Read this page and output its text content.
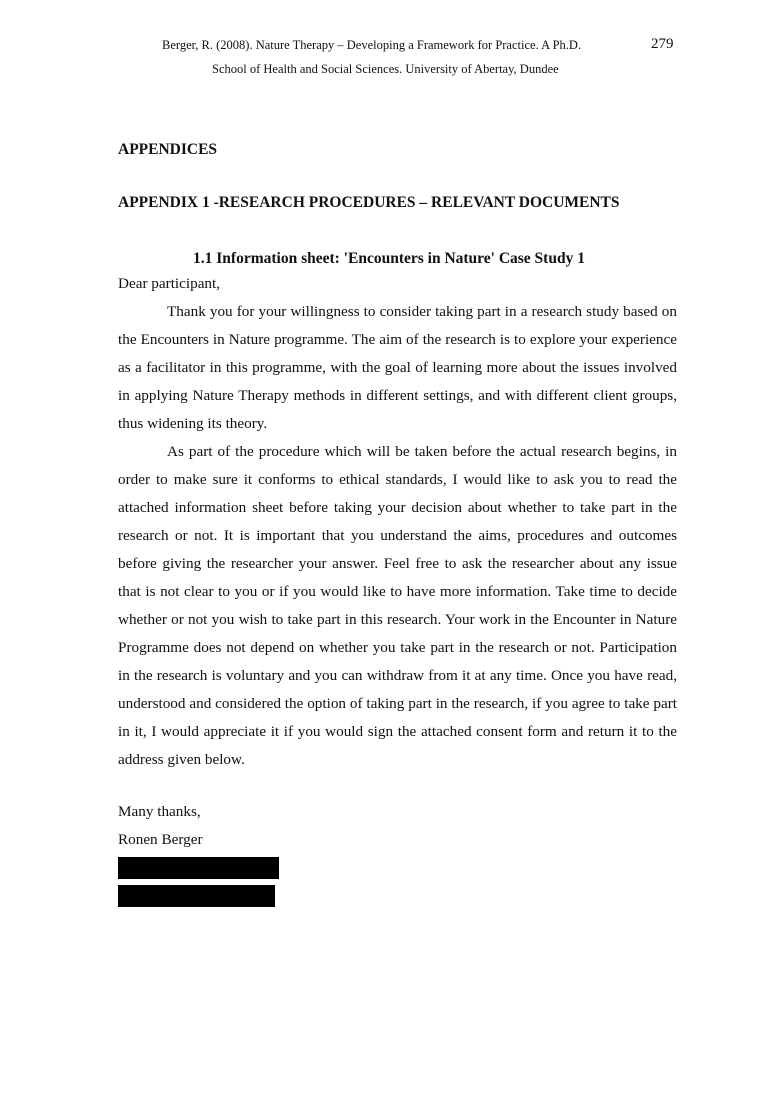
Berger, R. (2008). Nature Therapy – Developing a Framework for Practice. A Ph.D.
School of Health and Social Sciences. University of Abertay, Dundee
279
APPENDICES
APPENDIX 1 -RESEARCH PROCEDURES – RELEVANT DOCUMENTS
1.1 Information sheet: 'Encounters in Nature' Case Study 1
Dear participant,

Thank you for your willingness to consider taking part in a research study based on the Encounters in Nature programme. The aim of the research is to explore your experience as a facilitator in this programme, with the goal of learning more about the issues involved in applying Nature Therapy methods in different settings, and with different client groups, thus widening its theory.

As part of the procedure which will be taken before the actual research begins, in order to make sure it conforms to ethical standards, I would like to ask you to read the attached information sheet before taking your decision about whether to take part in the research or not. It is important that you understand the aims, procedures and outcomes before giving the researcher your answer. Feel free to ask the researcher about any issue that is not clear to you or if you would like to have more information. Take time to decide whether or not you wish to take part in this research. Your work in the Encounter in Nature Programme does not depend on whether you take part in the research or not. Participation in the research is voluntary and you can withdraw from it at any time. Once you have read, understood and considered the option of taking part in the research, if you agree to take part in it, I would appreciate it if you would sign the attached consent form and return it to the address given below.

Many thanks,
Ronen Berger
